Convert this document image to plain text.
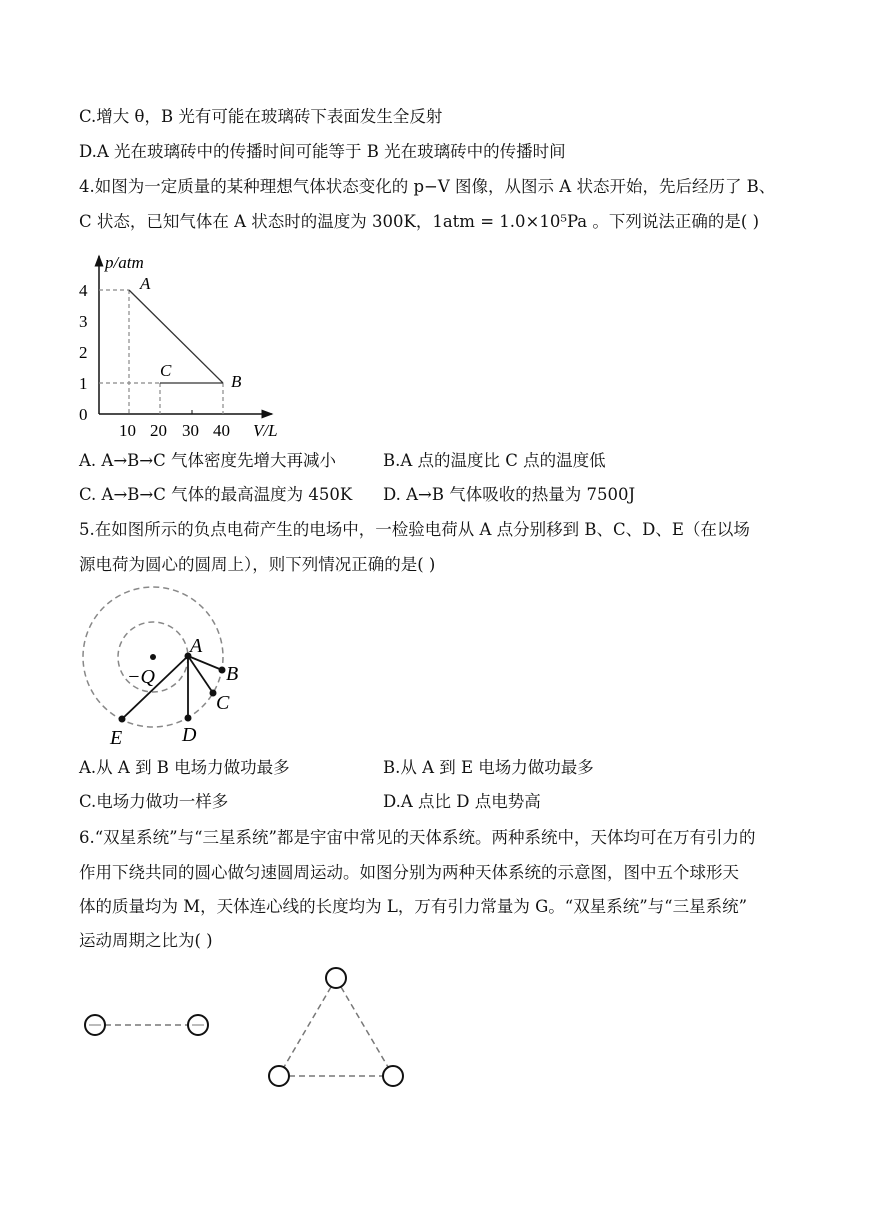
C.增大 θ，B 光有可能在玻璃砖下表面发生全反射
D.A 光在玻璃砖中的传播时间可能等于 B 光在玻璃砖中的传播时间
4.如图为一定质量的某种理想气体状态变化的 p−V 图像，从图示 A 状态开始，先后经历了 B、
C 状态，已知气体在 A 状态时的温度为 300K，1atm = 1.0×10⁵Pa 。下列说法正确的是( )
p/atm
4
3
2
1
0
10 20 30 40 V/L
A
B
C
−Q
A
B
C
D
E
A. A→B→C 气体密度先增大再减小	B.A 点的温度比 C 点的温度低
C. A→B→C 气体的最高温度为 450K D. A→B 气体吸收的热量为 7500J
5.在如图所示的负点电荷产生的电场中，一检验电荷从 A 点分别移到 B、C、D、E（在以场
源电荷为圆心的圆周上），则下列情况正确的是( )
A.从 A 到 B 电场力做功最多	B.从 A 到 E 电场力做功最多
C.电场力做功一样多	D.A 点比 D 点电势高
6.“双星系统”与“三星系统”都是宇宙中常见的天体系统。两种系统中，天体均可在万有引力的
作用下绕共同的圆心做匀速圆周运动。如图分别为两种天体系统的示意图，图中五个球形天
体的质量均为 M，天体连心线的长度均为 L，万有引力常量为 G。“双星系统”与“三星系统”
运动周期之比为( )
